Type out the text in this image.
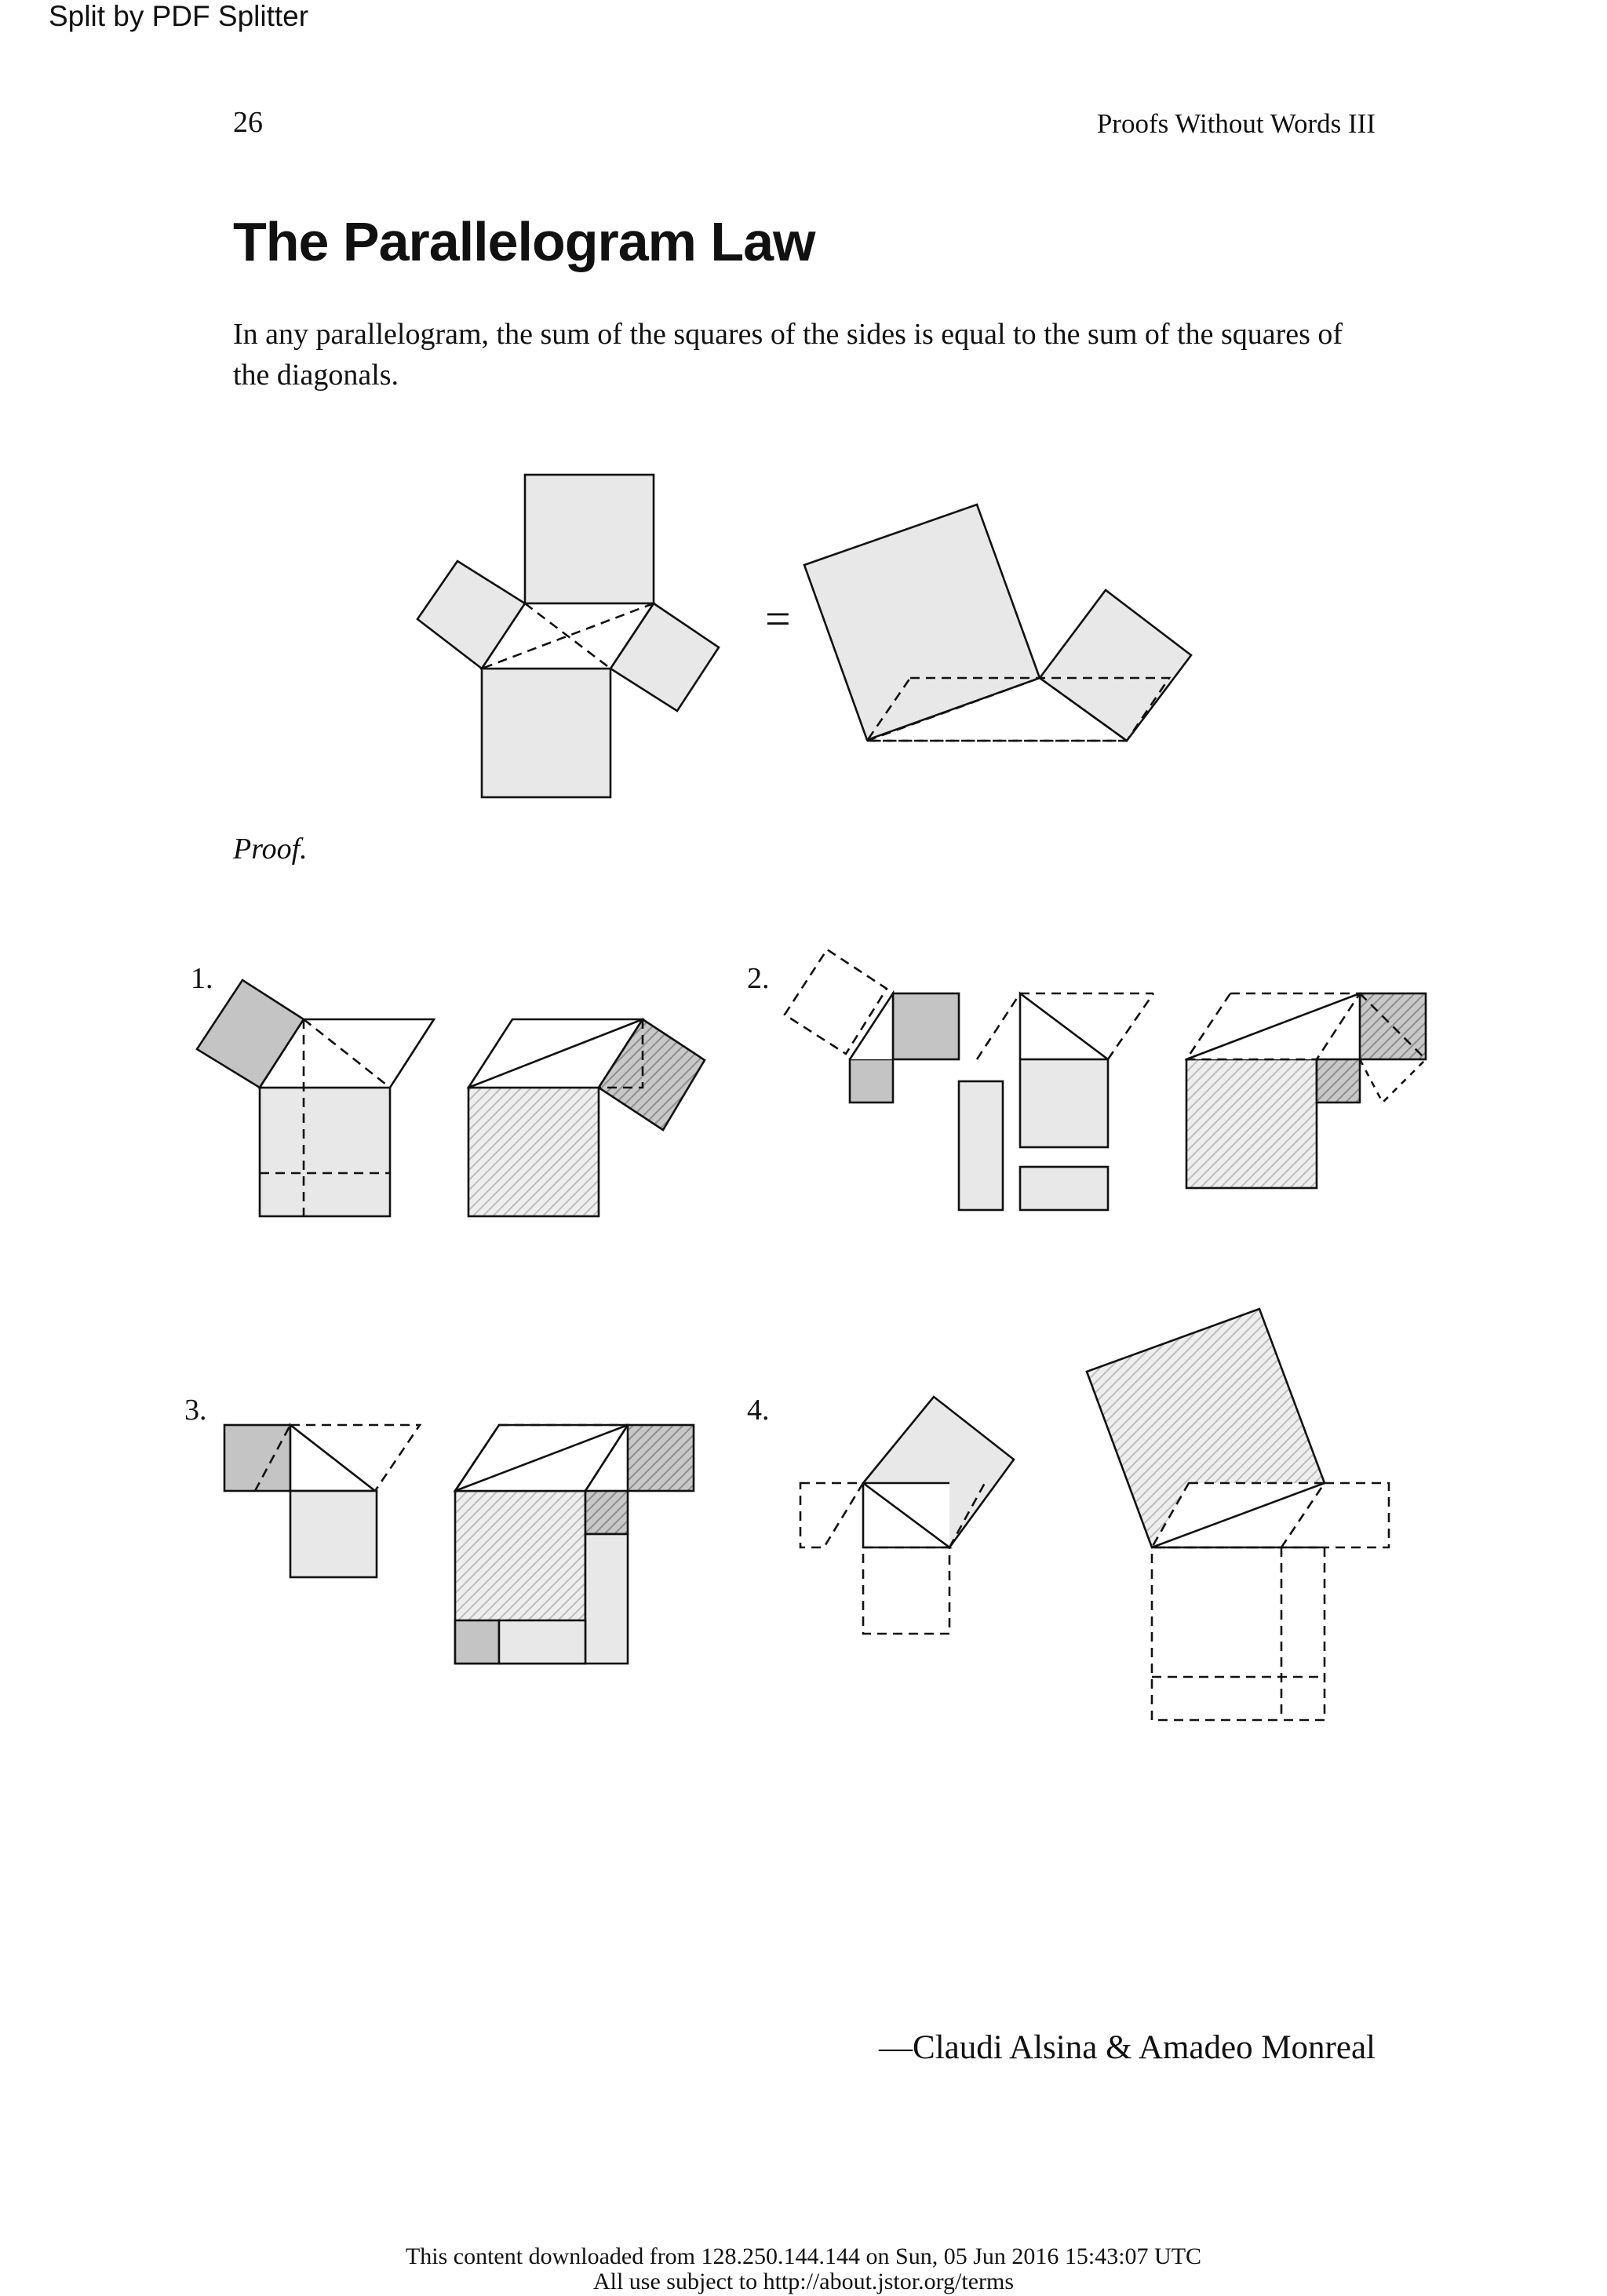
Split by PDF Splitter
26	Proofs Without Words III
The Parallelogram Law
In any parallelogram, the sum of the squares of the sides is equal to the sum of the squares of the diagonals.
Proof.
=
1.	2.
3.	4.
—Claudi Alsina & Amadeo Monreal
This content downloaded from 128.250.144.144 on Sun, 05 Jun 2016 15:43:07 UTC
All use subject to http://about.jstor.org/terms
